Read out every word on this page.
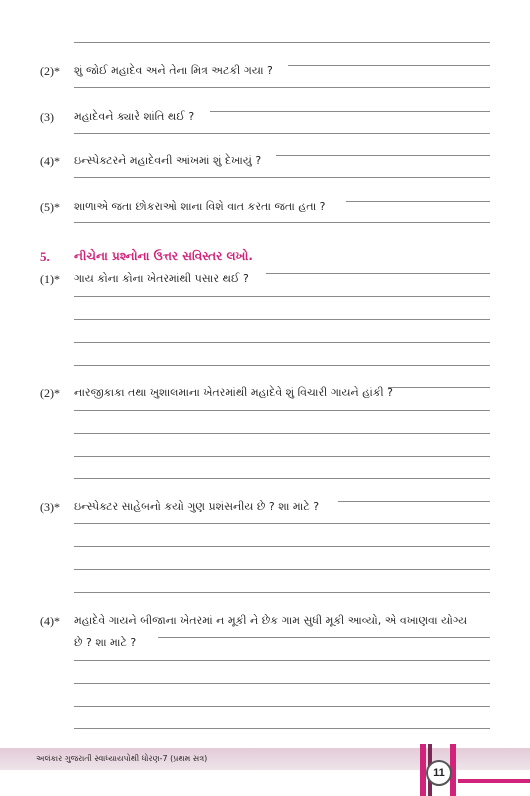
(2)* શું જોઈ મહાદેવ અને તેના મિત્ર અટકી ગયા ?
(3) મહાદેવને ક્યારે શાંતિ થઈ ?
(4)* ઇન્સ્પેક્ટરને મહાદેવની આંખમાં શું દેખાયું ?
(5)* શાળાએ જતા છોકરાઓ શાના વિશે વાત કરતા જતા હતા ?
5. નીચેના પ્રશ્નોના ઉત્તર સવિસ્તર લખો.
(1)* ગાય કોના કોના ખેતરમાંથી પસાર થઈ ?
(2)* નારજીકાકા તથા ખુશાલમાના ખેતરમાંથી મહાદેવે શું વિચારી ગાયને હાંકી ?
(3)* ઇન્સ્પેક્ટર સાહેબનો કયો ગુણ પ્રશંસનીય છે ? શા માટે ?
(4)* મહાદેવે ગાયને બીજાના ખેતરમાં ન મૂકી ને છેક ગામ સુધી મૂકી આવ્યો, એ વખાણવા યોગ્ય
છે ? શા માટે ?
અલંકાર ગુજરાતી સ્વાધ્યાયપોથી ધોરણ-7 (પ્રથમ સત્ર)
11
